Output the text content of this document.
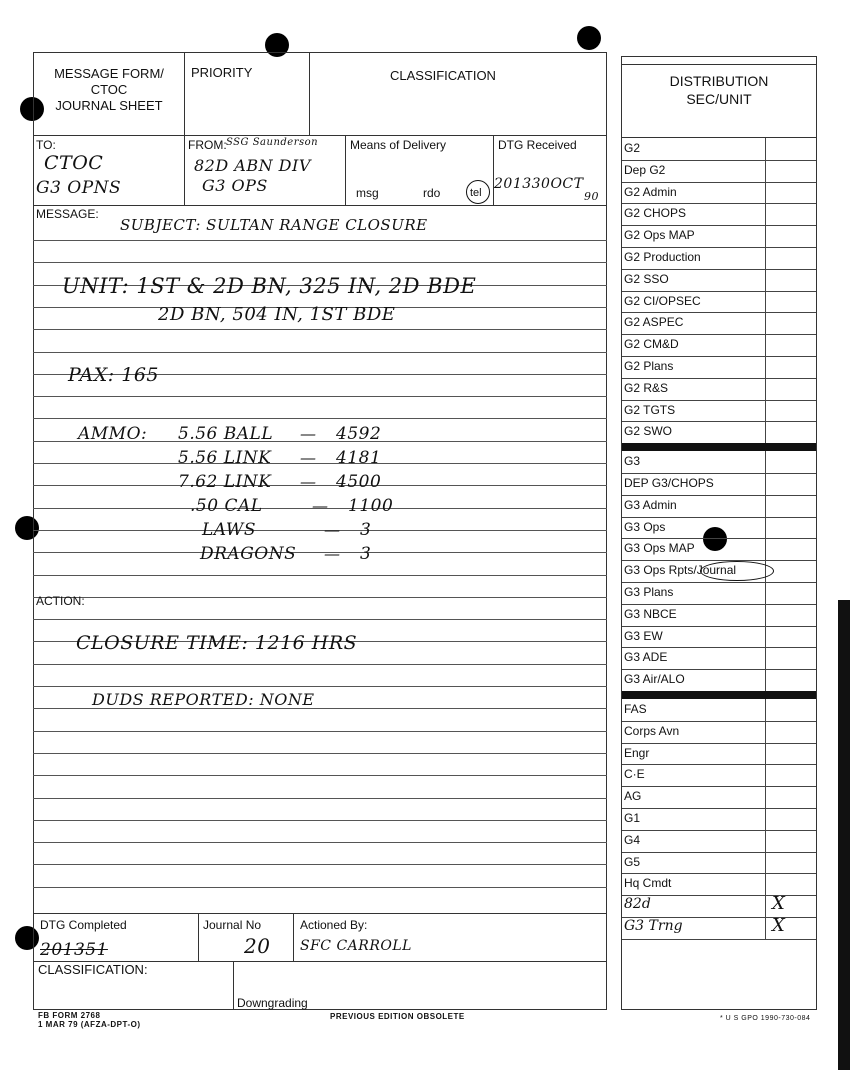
MESSAGE FORM/
CTOC
JOURNAL SHEET
PRIORITY	CLASSIFICATION
TO:
CTOC
G3 OPNS
FROM: SSG Saunderson
82D ABN DIV
G3 OPS
Means of Delivery
msg	rdo	tel
DTG Received
201330OCT
90
MESSAGE:
SUBJECT: SULTAN RANGE CLOSURE
UNIT: 1ST & 2D BN, 325 IN, 2D BDE
2D BN, 504 IN, 1ST BDE
PAX: 165
AMMO: 5.56 BALL — 4592
5.56 LINK — 4181
7.62 LINK — 4500
.50 CAL	— 1100
LAWS	— 3
DRAGONS — 3
ACTION:
CLOSURE TIME: 1216 HRS
DUDS REPORTED: NONE
DTG Completed
201351
Journal No
20
Actioned By:
SFC CARROLL
CLASSIFICATION:
Downgrading
FB FORM 2768
1 MAR 79 (AFZA-DPT-O)
PREVIOUS EDITION OBSOLETE
DISTRIBUTION
SEC/UNIT
G2
Dep G2
G2 Admin
G2 CHOPS
G2 Ops MAP
G2 Production
G2 SSO
G2 CI/OPSEC
G2 ASPEC
G2 CM&D
G2 Plans
G2 R&S
G2 TGTS
G2 SWO
G3
DEP G3/CHOPS
G3 Admin
G3 Ops
G3 Ops MAP
G3 Ops Rpts/Journal
G3 Plans
G3 NBCE
G3 EW
G3 ADE
G3 Air/ALO
FAS
Corps Avn
Engr
C·E
AG
G1
G4
G5
Hq Cmdt
82d	X
G3 Trng	X
* U S GPO 1990-730-084
